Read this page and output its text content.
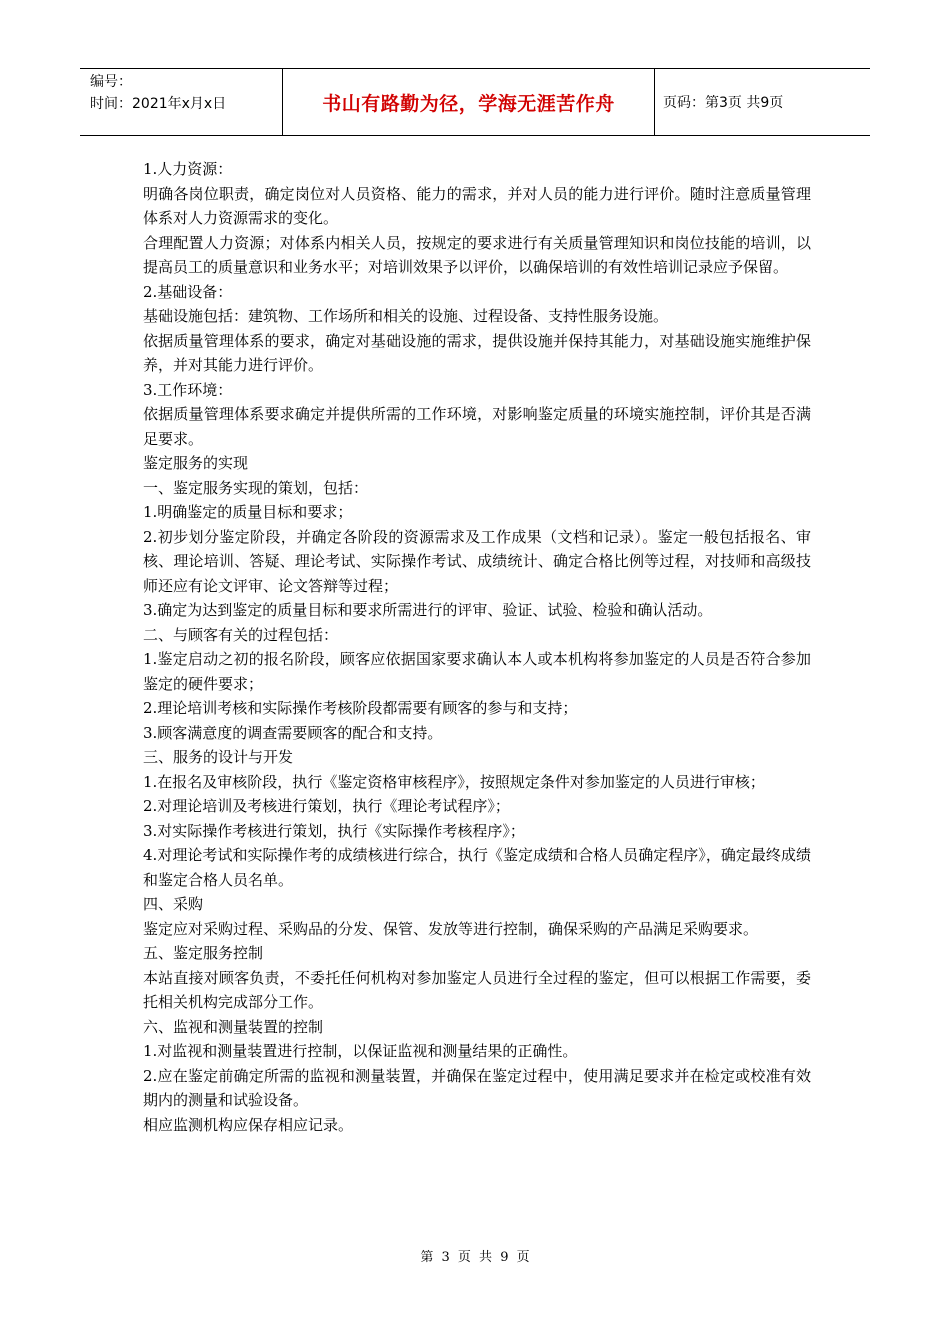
编号：
时间：2021年x月x日	书山有路勤为径，学海无涯苦作舟	页码：第3页 共9页

1.人力资源：

明确各岗位职责，确定岗位对人员资格、能力的需求，并对人员的能力进行评价。随时注意质量管理体系对人力资源需求的变化。

合理配置人力资源；对体系内相关人员，按规定的要求进行有关质量管理知识和岗位技能的培训，以提高员工的质量意识和业务水平；对培训效果予以评价，以确保培训的有效性培训记录应予保留。

2.基础设备：

基础设施包括：建筑物、工作场所和相关的设施、过程设备、支持性服务设施。

依据质量管理体系的要求，确定对基础设施的需求，提供设施并保持其能力，对基础设施实施维护保养，并对其能力进行评价。

3.工作环境：

依据质量管理体系要求确定并提供所需的工作环境，对影响鉴定质量的环境实施控制，评价其是否满足要求。

鉴定服务的实现

一、鉴定服务实现的策划，包括：

1.明确鉴定的质量目标和要求；

2.初步划分鉴定阶段，并确定各阶段的资源需求及工作成果（文档和记录）。鉴定一般包括报名、审核、理论培训、答疑、理论考试、实际操作考试、成绩统计、确定合格比例等过程，对技师和高级技师还应有论文评审、论文答辩等过程；

3.确定为达到鉴定的质量目标和要求所需进行的评审、验证、试验、检验和确认活动。

二、与顾客有关的过程包括：

1.鉴定启动之初的报名阶段，顾客应依据国家要求确认本人或本机构将参加鉴定的人员是否符合参加鉴定的硬件要求；

2.理论培训考核和实际操作考核阶段都需要有顾客的参与和支持；

3.顾客满意度的调查需要顾客的配合和支持。

三、服务的设计与开发

1.在报名及审核阶段，执行《鉴定资格审核程序》，按照规定条件对参加鉴定的人员进行审核；

2.对理论培训及考核进行策划，执行《理论考试程序》；

3.对实际操作考核进行策划，执行《实际操作考核程序》；

4.对理论考试和实际操作考的成绩核进行综合，执行《鉴定成绩和合格人员确定程序》，确定最终成绩和鉴定合格人员名单。

四、采购

鉴定应对采购过程、采购品的分发、保管、发放等进行控制，确保采购的产品满足采购要求。

五、鉴定服务控制

本站直接对顾客负责，不委托任何机构对参加鉴定人员进行全过程的鉴定，但可以根据工作需要，委托相关机构完成部分工作。

六、监视和测量装置的控制

1.对监视和测量装置进行控制，以保证监视和测量结果的正确性。

2.应在鉴定前确定所需的监视和测量装置，并确保在鉴定过程中，使用满足要求并在检定或校准有效期内的测量和试验设备。

相应监测机构应保存相应记录。

第 3 页 共 9 页
